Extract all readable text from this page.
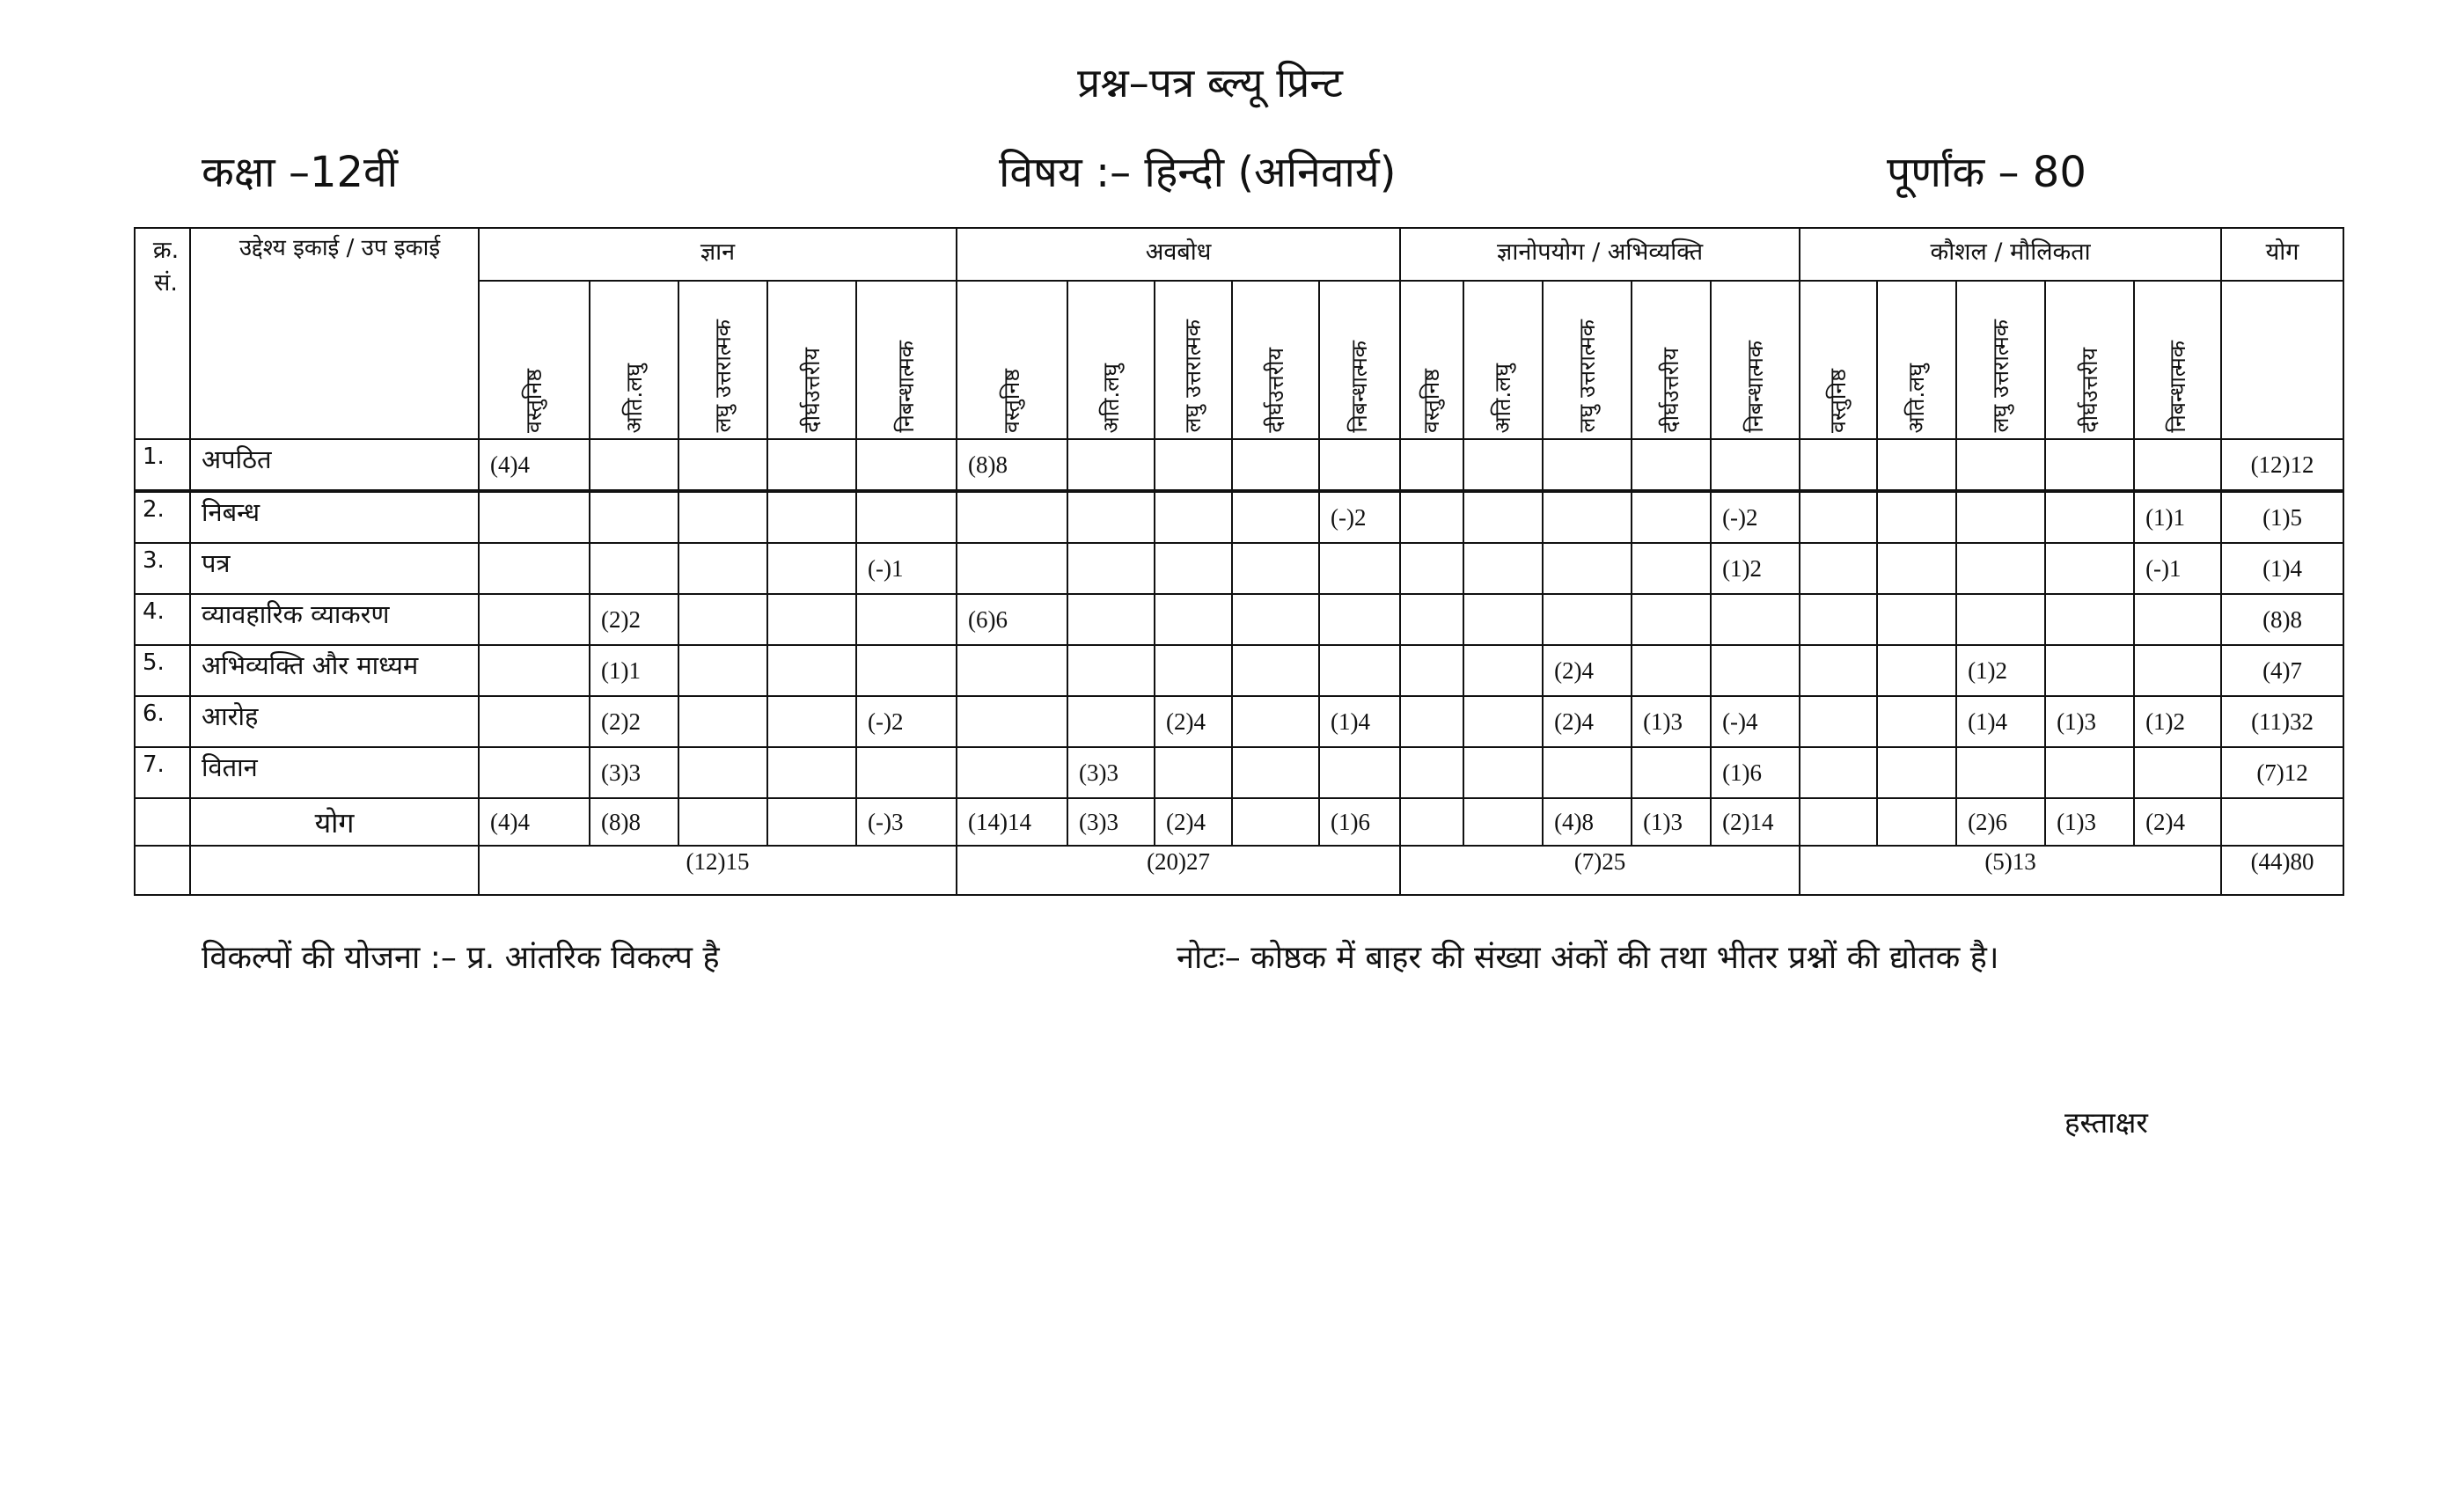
प्रश्न–पत्र ब्ल्यू प्रिन्ट
कक्षा –12वीं	विषय :– हिन्दी (अनिवार्य)	पूर्णांक – 80
क्र. सं.	उद्देश्य इकाई / उप इकाई	ज्ञान					अवबोध					ज्ञानोपयोग / अभिव्यक्ति					कौशल / मौलिकता					योग

		वस्तुनिष्ठ	अति.लघु	लघु उत्तरात्मक	दीर्घउत्तरीय	निबन्धात्मक	वस्तुनिष्ठ	अति.लघु	लघु उत्तरात्मक	दीर्घउत्तरीय	निबन्धात्मक	वस्तुनिष्ठ	अति.लघु	लघु उत्तरात्मक	दीर्घउत्तरीय	निबन्धात्मक	वस्तुनिष्ठ	अति.लघु	लघु उत्तरात्मक	दीर्घउत्तरीय	निबन्धात्मक	

1.	अपठित	(4)4					(8)8															(12)12
2.	निबन्ध										(-)2					(-)2					(1)1	(1)5
3.	पत्र					(-)1										(1)2					(-)1	(1)4
4.	व्यावहारिक व्याकरण		(2)2				(6)6															(8)8
5.	अभिव्यक्ति और माध्यम		(1)1											(2)4					(1)2			(4)7
6.	आरोह		(2)2			(-)2			(2)4		(1)4			(2)4	(1)3	(-)4			(1)4	(1)3	(1)2	(11)32
7.	वितान		(3)3					(3)3								(1)6						(7)12
	योग	(4)4	(8)8			(-)3	(14)14	(3)3	(2)4		(1)6			(4)8	(1)3	(2)14			(2)6	(1)3	(2)4	
		(12)15					(20)27					(7)25					(5)13					(44)80
विकल्पों की योजना :– प्र. आंतरिक विकल्प है	नोटः– कोष्ठक में बाहर की संख्या अंकों की तथा भीतर प्रश्नों की द्योतक है।
हस्ताक्षर
